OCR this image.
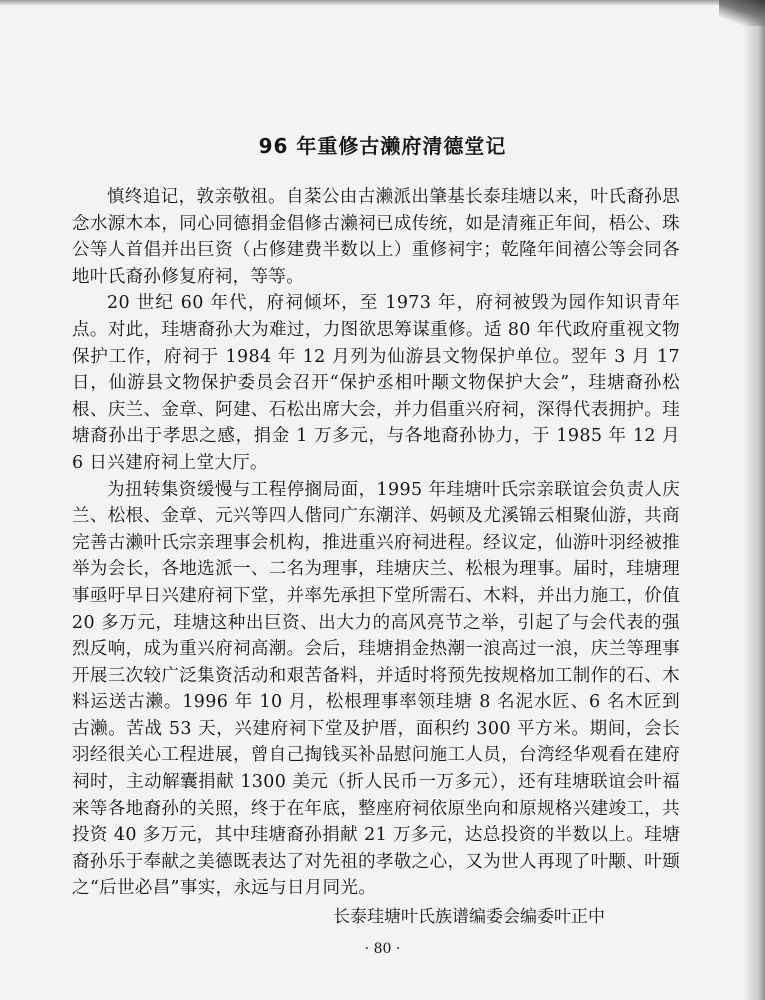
96 年重修古濑府清德堂记

慎终追记，敦亲敬祖。自棻公由古濑派出肇基长泰珪塘以来，叶氏裔孙思念水源木本，同心同德捐金倡修古濑祠已成传统，如是清雍正年间，梧公、珠公等人首倡并出巨资（占修建费半数以上）重修祠宇；乾隆年间禧公等会同各地叶氏裔孙修复府祠，等等。

20 世纪 60 年代，府祠倾坏，至 1973 年，府祠被毁为园作知识青年点。对此，珪塘裔孙大为难过，力图欲思筹谋重修。适 80 年代政府重视文物保护工作，府祠于 1984 年 12 月列为仙游县文物保护单位。翌年 3 月 17 日，仙游县文物保护委员会召开“保护丞相叶颙文物保护大会”，珪塘裔孙松根、庆兰、金章、阿建、石松出席大会，并力倡重兴府祠，深得代表拥护。珪塘裔孙出于孝思之感，捐金 1 万多元，与各地裔孙协力，于 1985 年 12 月 6 日兴建府祠上堂大厅。

为扭转集资缓慢与工程停搁局面，1995 年珪塘叶氏宗亲联谊会负责人庆兰、松根、金章、元兴等四人偕同广东潮洋、妈顿及尤溪锦云相聚仙游，共商完善古濑叶氏宗亲理事会机构，推进重兴府祠进程。经议定，仙游叶羽经被推举为会长，各地选派一、二名为理事，珪塘庆兰、松根为理事。届时，珪塘理事亟吁早日兴建府祠下堂，并率先承担下堂所需石、木料，并出力施工，价值 20 多万元，珪塘这种出巨资、出大力的高风亮节之举，引起了与会代表的强烈反响，成为重兴府祠高潮。会后，珪塘捐金热潮一浪高过一浪，庆兰等理事开展三次较广泛集资活动和艰苦备料，并适时将预先按规格加工制作的石、木料运送古濑。1996 年 10 月，松根理事率领珪塘 8 名泥水匠、6 名木匠到古濑。苦战 53 天，兴建府祠下堂及护厝，面积约 300 平方米。期间，会长羽经很关心工程进展，曾自己掏钱买补品慰问施工人员，台湾经华观看在建府祠时，主动解囊捐献 1300 美元（折人民币一万多元），还有珪塘联谊会叶福来等各地裔孙的关照，终于在年底，整座府祠依原坐向和原规格兴建竣工，共投资 40 多万元，其中珪塘裔孙捐献 21 万多元，达总投资的半数以上。珪塘裔孙乐于奉献之美德既表达了对先祖的孝敬之心，又为世人再现了叶颙、叶颋之“后世必昌”事实，永远与日月同光。

长泰珪塘叶氏族谱编委会编委叶正中

· 80 ·
